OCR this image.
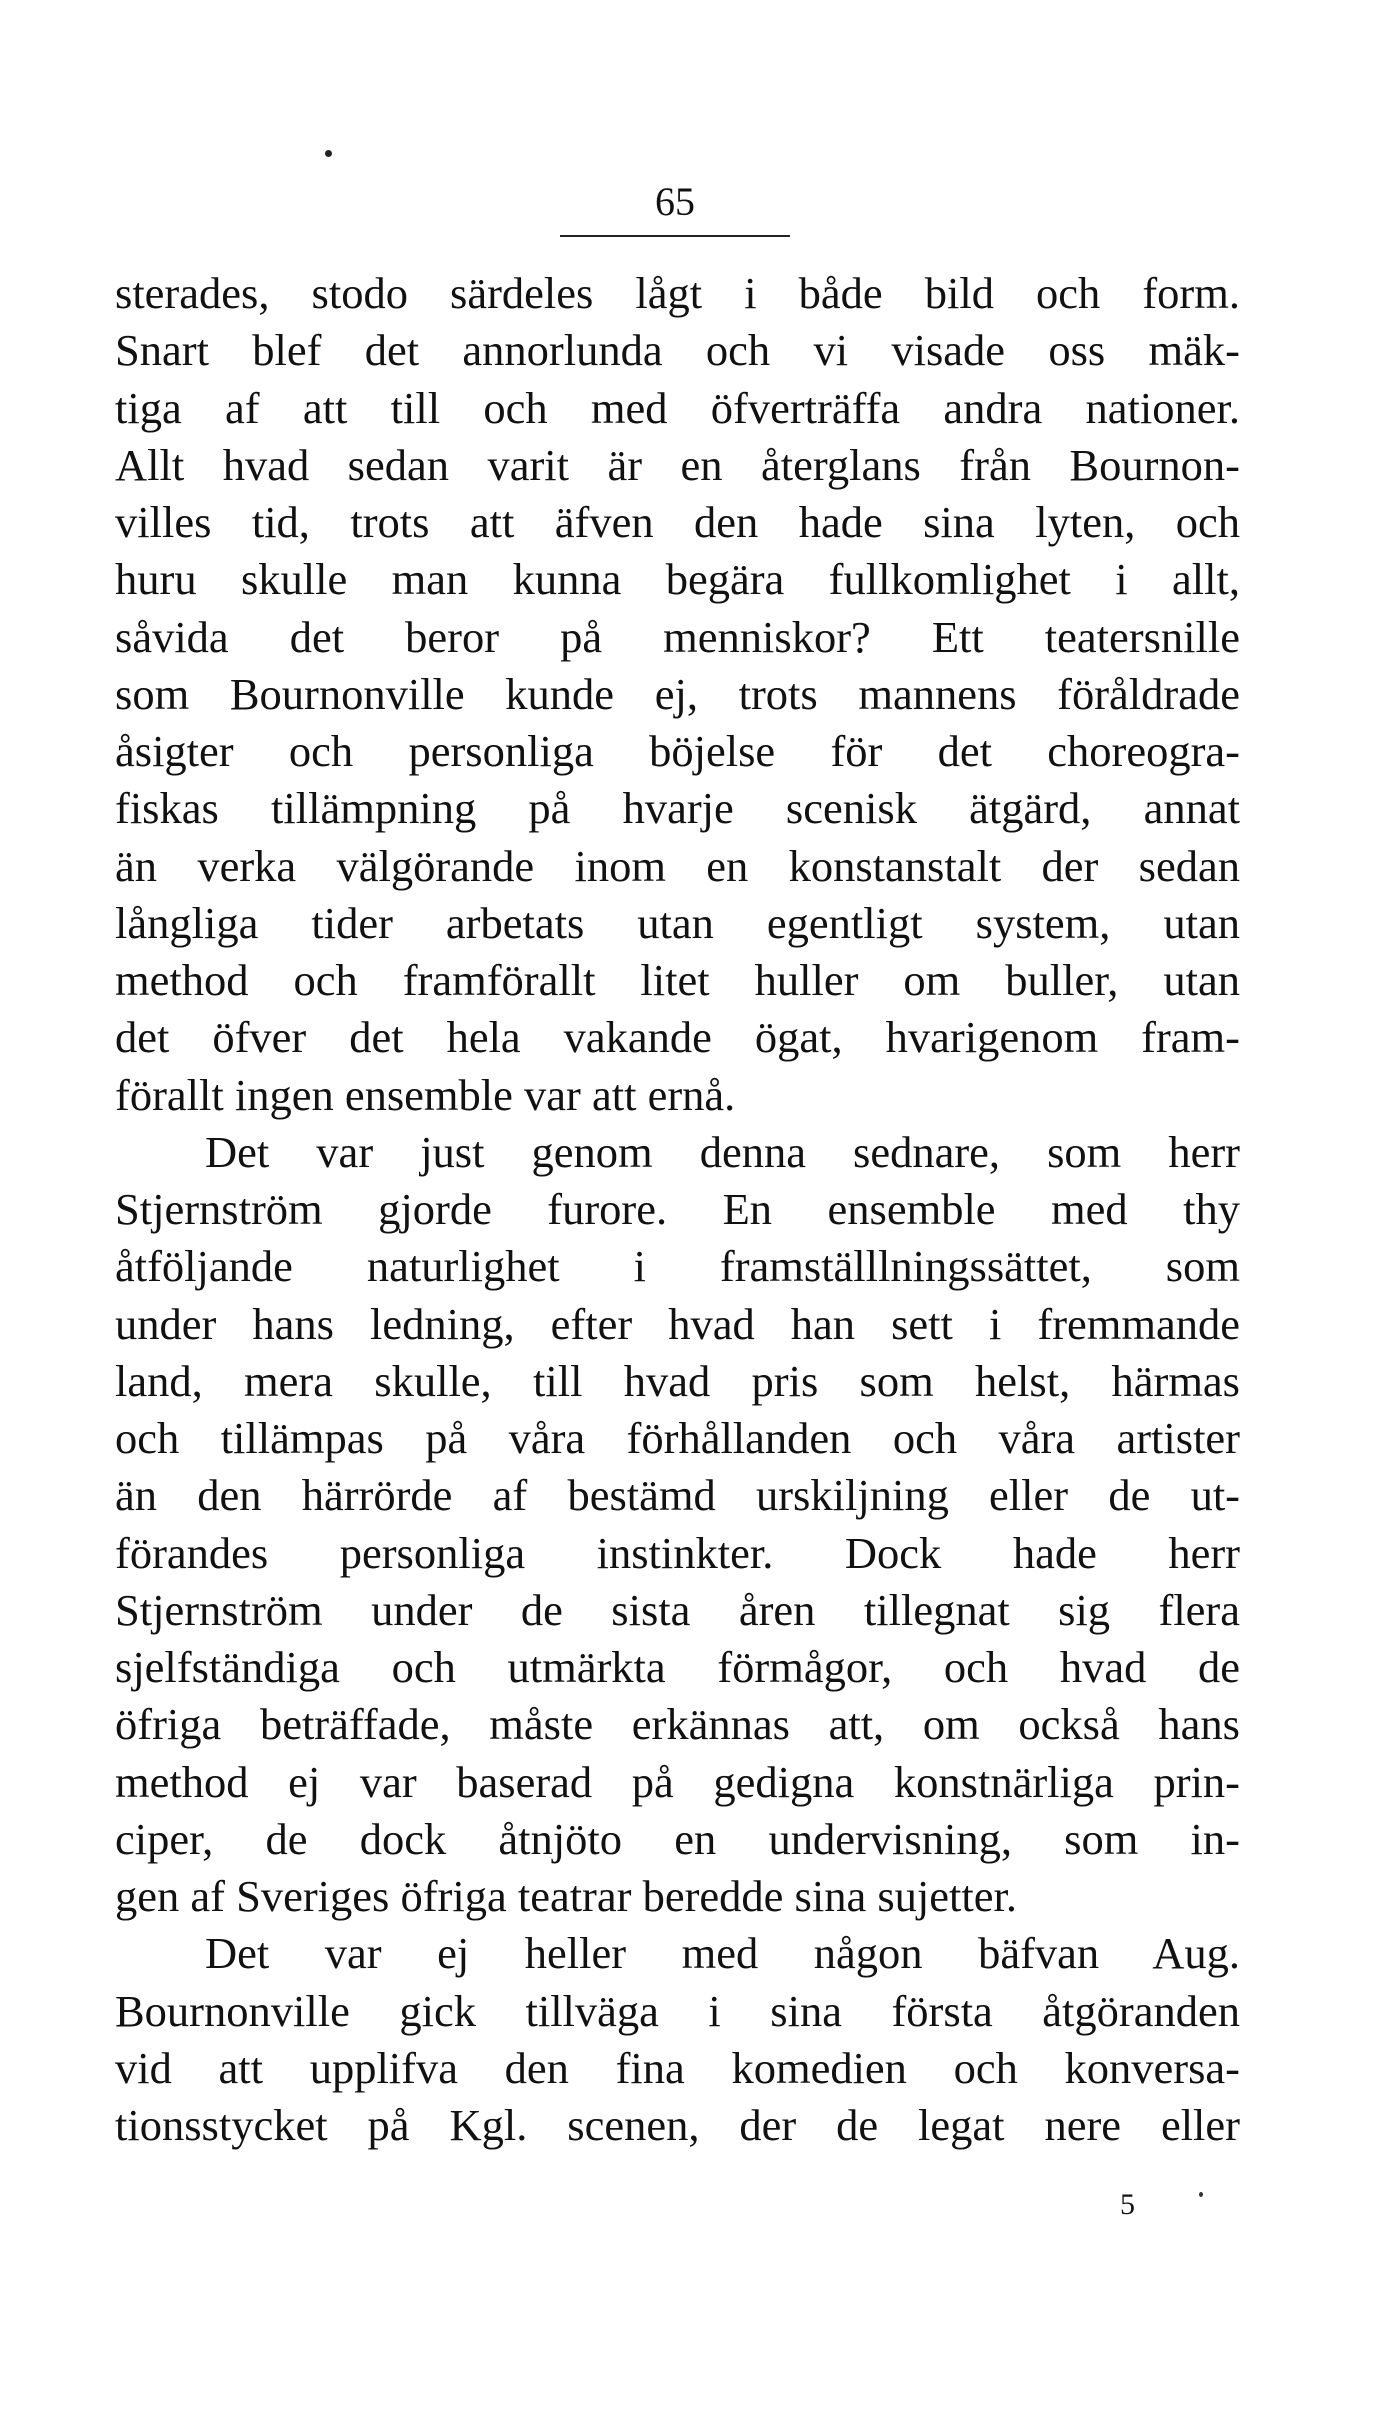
65
sterades, stodo särdeles lågt i både bild och form.
Snart blef det annorlunda och vi visade oss mäk-
tiga af att till och med öfverträffa andra nationer.
Allt hvad sedan varit är en återglans från Bournon-
villes tid, trots att äfven den hade sina lyten, och
huru skulle man kunna begära fullkomlighet i allt,
såvida det beror på menniskor? Ett teatersnille
som Bournonville kunde ej, trots mannens föråldrade
åsigter och personliga böjelse för det choreogra-
fiskas tillämpning på hvarje scenisk ätgärd, annat
än verka välgörande inom en konstanstalt der sedan
långliga tider arbetats utan egentligt system, utan
method och framförallt litet huller om buller, utan
det öfver det hela vakande ögat, hvarigenom fram-
förallt ingen ensemble var att ernå.
Det var just genom denna sednare, som herr
Stjernström gjorde furore. En ensemble med thy
åtföljande naturlighet i framställlningssättet, som
under hans ledning, efter hvad han sett i fremmande
land, mera skulle, till hvad pris som helst, härmas
och tillämpas på våra förhållanden och våra artister
än den härrörde af bestämd urskiljning eller de ut-
förandes personliga instinkter. Dock hade herr
Stjernström under de sista åren tillegnat sig flera
sjelfständiga och utmärkta förmågor, och hvad de
öfriga beträffade, måste erkännas att, om också hans
method ej var baserad på gedigna konstnärliga prin-
ciper, de dock åtnjöto en undervisning, som in-
gen af Sveriges öfriga teatrar beredde sina sujetter.
Det var ej heller med någon bäfvan Aug.
Bournonville gick tillväga i sina första åtgöranden
vid att upplifva den fina komedien och konversa-
tionsstycket på Kgl. scenen, der de legat nere eller
5
